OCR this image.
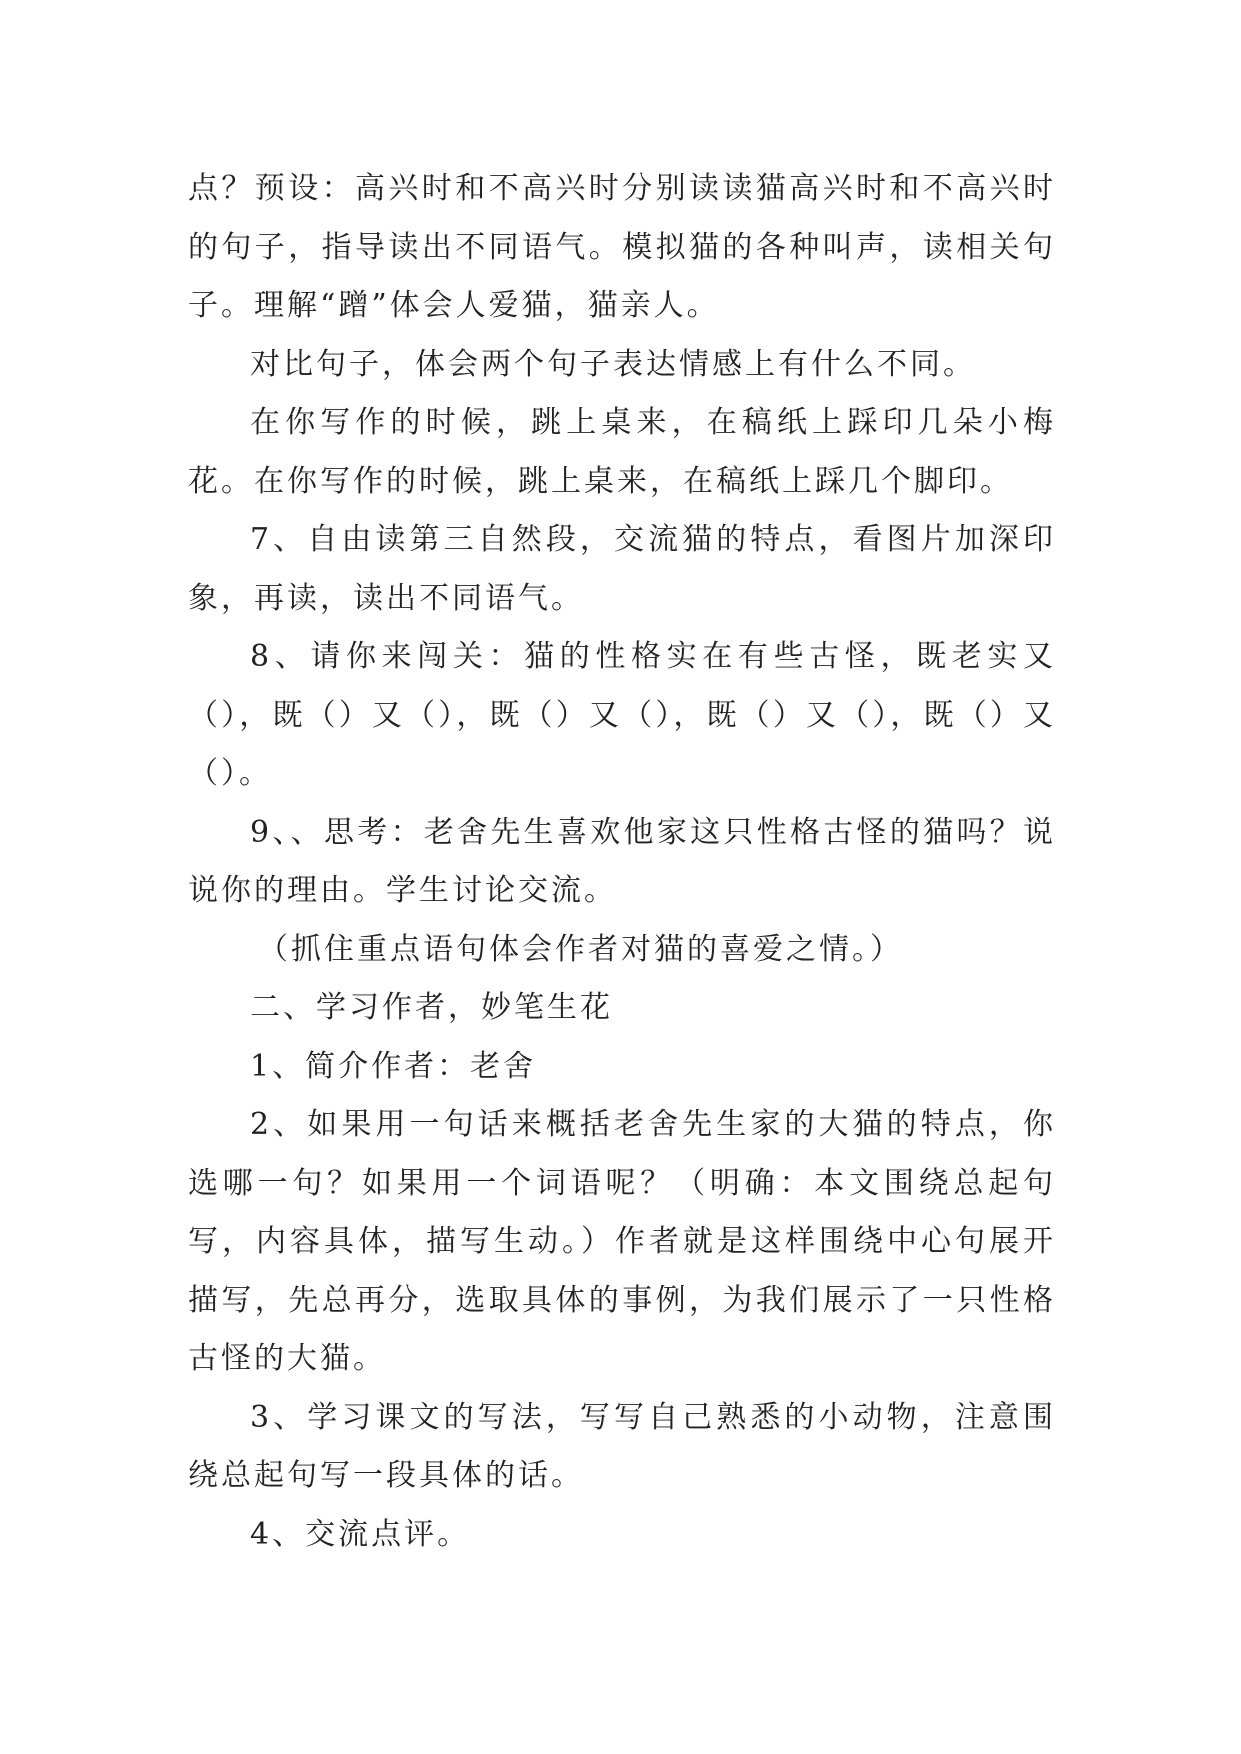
点？预设：高兴时和不高兴时分别读读猫高兴时和不高兴时的句子，指导读出不同语气。模拟猫的各种叫声，读相关句子。理解“蹭”体会人爱猫，猫亲人。

对比句子，体会两个句子表达情感上有什么不同。

在你写作的时候，跳上桌来，在稿纸上踩印几朵小梅花。在你写作的时候，跳上桌来，在稿纸上踩几个脚印。

7、自由读第三自然段，交流猫的特点，看图片加深印象，再读，读出不同语气。

8、请你来闯关：猫的性格实在有些古怪，既老实又（），既（）又（），既（）又（），既（）又（），既（）又（）。

9、、思考：老舍先生喜欢他家这只性格古怪的猫吗？说说你的理由。学生讨论交流。

（抓住重点语句体会作者对猫的喜爱之情。）

二、学习作者，妙笔生花

1、简介作者：老舍

2、如果用一句话来概括老舍先生家的大猫的特点，你选哪一句？如果用一个词语呢？（明确：本文围绕总起句写，内容具体，描写生动。）作者就是这样围绕中心句展开描写，先总再分，选取具体的事例，为我们展示了一只性格古怪的大猫。

3、学习课文的写法，写写自己熟悉的小动物，注意围绕总起句写一段具体的话。

4、交流点评。
